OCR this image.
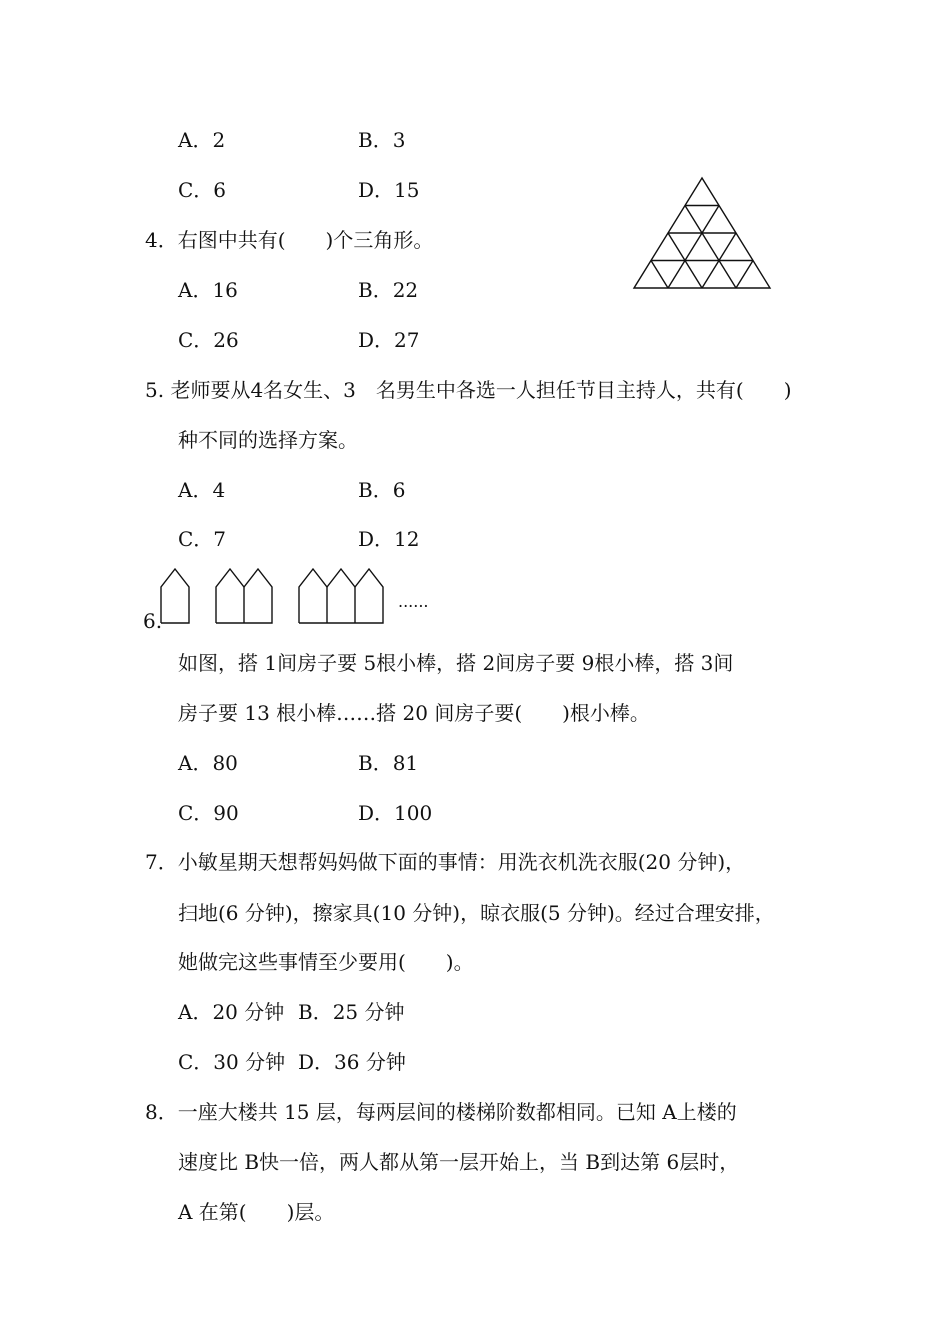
A．2	B．3
C．6	D．15
4．右图中共有(　　)个三角形。
A．16	B．22
C．26	D．27
5. 老师要从4名女生、3　名男生中各选一人担任节目主持人，共有(　　)
种不同的选择方案。
A．4	B．6
C．7	D．12
6.
......
如图，搭 1间房子要 5根小棒，搭 2间房子要 9根小棒，搭 3间
房子要 13 根小棒……搭 20 间房子要(　　)根小棒。
A．80	B．81
C．90	D．100
7．小敏星期天想帮妈妈做下面的事情：用洗衣机洗衣服(20 分钟)，
扫地(6 分钟)，擦家具(10 分钟)，晾衣服(5 分钟)。经过合理安排，
她做完这些事情至少要用(　　)。
A．20 分钟 B．25 分钟
C．30 分钟 D．36 分钟
8．一座大楼共 15 层，每两层间的楼梯阶数都相同。已知 A上楼的
速度比 B快一倍，两人都从第一层开始上，当 B到达第 6层时，
A 在第(　　)层。
